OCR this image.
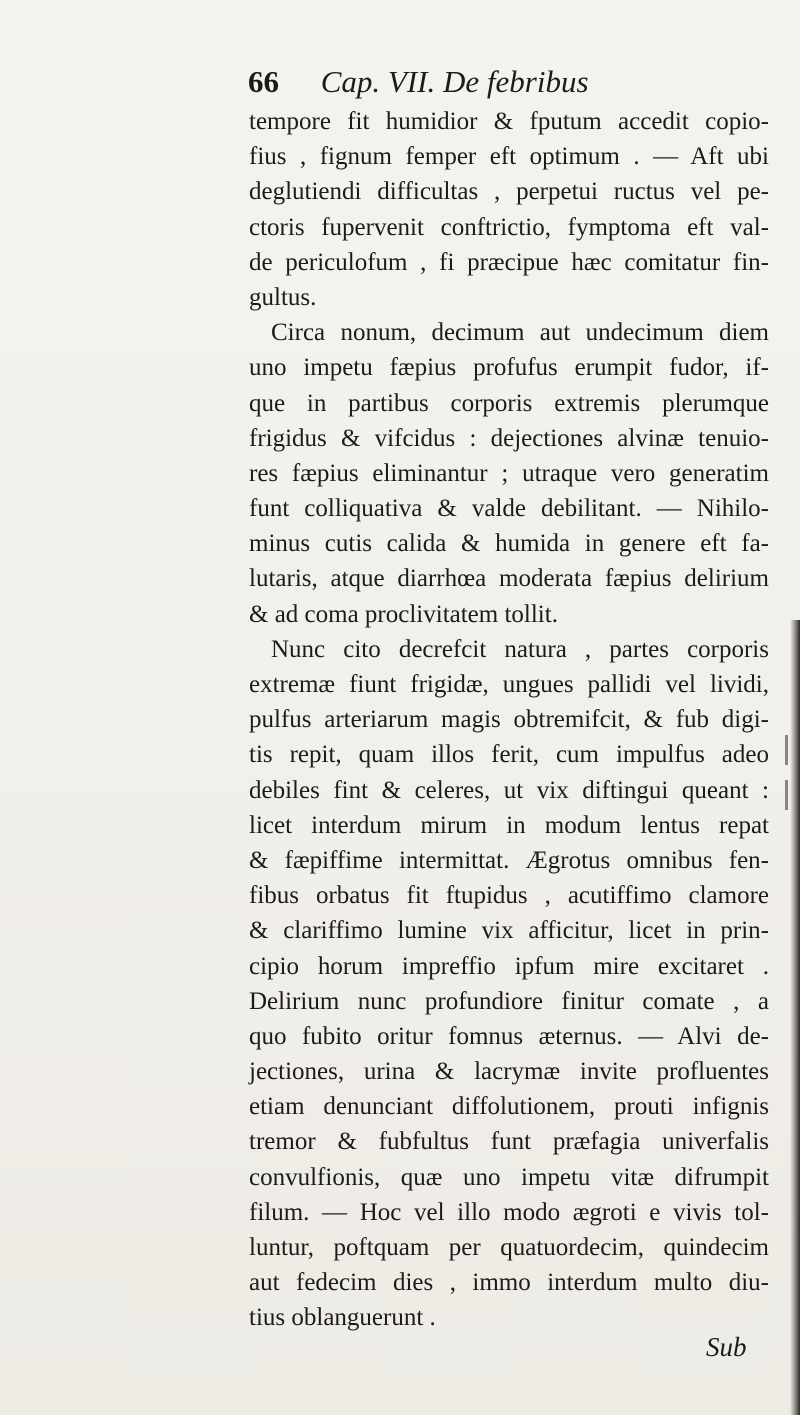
66 Cap. VII. De febribus
tempore fit humidior & fputum accedit copio-
fius , fignum femper eft optimum . — Aft ubi
deglutiendi difficultas , perpetui ructus vel pe-
ctoris fupervenit conftrictio, fymptoma eft val-
de periculofum , fi præcipue hæc comitatur fin-
gultus.
Circa nonum, decimum aut undecimum diem
uno impetu fæpius profufus erumpit fudor, if-
que in partibus corporis extremis plerumque
frigidus & vifcidus : dejectiones alvinæ tenuio-
res fæpius eliminantur ; utraque vero generatim
funt colliquativa & valde debilitant. — Nihilo-
minus cutis calida & humida in genere eft fa-
lutaris, atque diarrhœa moderata fæpius delirium
& ad coma proclivitatem tollit.
Nunc cito decrefcit natura , partes corporis
extremæ fiunt frigidæ, ungues pallidi vel lividi,
pulfus arteriarum magis obtremifcit, & fub digi-
tis repit, quam illos ferit, cum impulfus adeo
debiles fint & celeres, ut vix diftingui queant :
licet interdum mirum in modum lentus repat
& fæpiffime intermittat. Ægrotus omnibus fen-
fibus orbatus fit ftupidus , acutiffimo clamore
& clariffimo lumine vix afficitur, licet in prin-
cipio horum impreffio ipfum mire excitaret .
Delirium nunc profundiore finitur comate , a
quo fubito oritur fomnus æternus. — Alvi de-
jectiones, urina & lacrymæ invite profluentes
etiam denunciant diffolutionem, prouti infignis
tremor & fubfultus funt præfagia univerfalis
convulfionis, quæ uno impetu vitæ difrumpit
filum. — Hoc vel illo modo ægroti e vivis tol-
luntur, poftquam per quatuordecim, quindecim
aut fedecim dies , immo interdum multo diu-
tius oblanguerunt .
Sub
